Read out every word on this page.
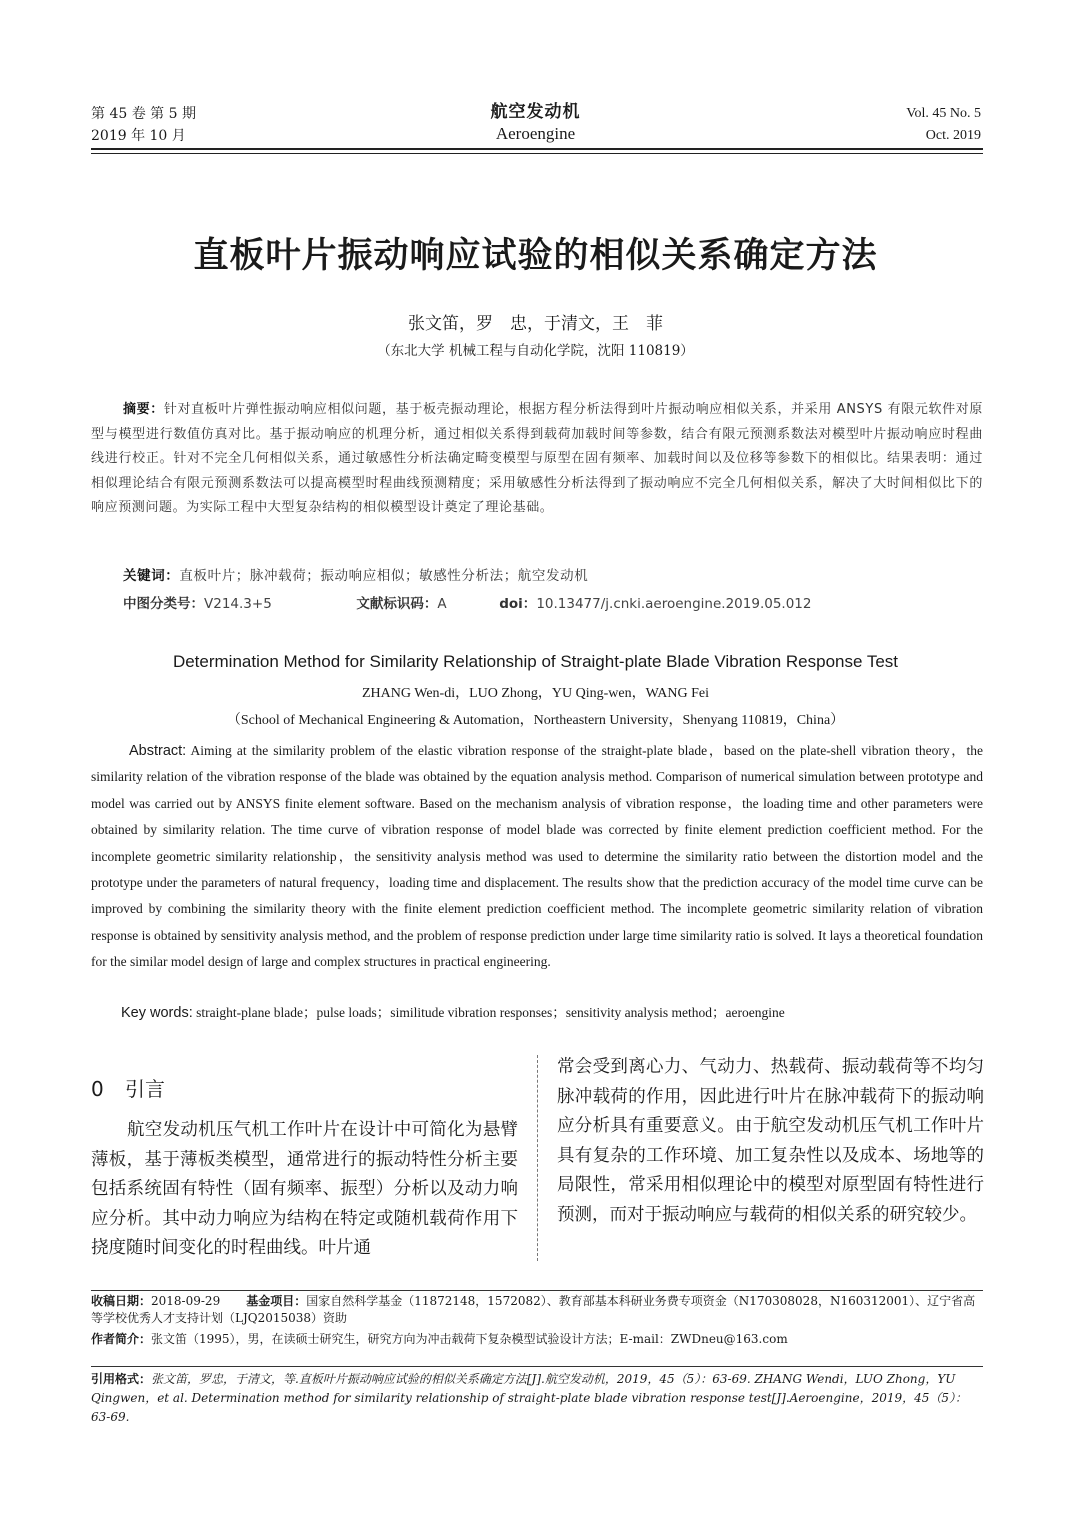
第 45 卷 第 5 期
2019 年 10 月
航空发动机
Aeroengine
Vol. 45 No. 5
Oct. 2019
直板叶片振动响应试验的相似关系确定方法
张文笛，罗　忠，于清文，王　菲
（东北大学 机械工程与自动化学院，沈阳 110819）
摘要：针对直板叶片弹性振动响应相似问题，基于板壳振动理论，根据方程分析法得到叶片振动响应相似关系，并采用 ANSYS 有限元软件对原型与模型进行数值仿真对比。基于振动响应的机理分析，通过相似关系得到载荷加载时间等参数，结合有限元预测系数法对模型叶片振动响应时程曲线进行校正。针对不完全几何相似关系，通过敏感性分析法确定畸变模型与原型在固有频率、加载时间以及位移等参数下的相似比。结果表明：通过相似理论结合有限元预测系数法可以提高模型时程曲线预测精度；采用敏感性分析法得到了振动响应不完全几何相似关系，解决了大时间相似比下的响应预测问题。为实际工程中大型复杂结构的相似模型设计奠定了理论基础。
关键词：直板叶片；脉冲载荷；振动响应相似；敏感性分析法；航空发动机
中图分类号：V214.3+5	文献标识码：A	doi：10.13477/j.cnki.aeroengine.2019.05.012
Determination Method for Similarity Relationship of Straight-plate Blade Vibration Response Test
ZHANG Wen-di，LUO Zhong，YU Qing-wen，WANG Fei
（School of Mechanical Engineering & Automation，Northeastern University，Shenyang 110819，China）
Abstract: Aiming at the similarity problem of the elastic vibration response of the straight-plate blade，based on the plate-shell vibration theory，the similarity relation of the vibration response of the blade was obtained by the equation analysis method. Comparison of numerical simulation between prototype and model was carried out by ANSYS finite element software. Based on the mechanism analysis of vibration response，the loading time and other parameters were obtained by similarity relation. The time curve of vibration response of model blade was corrected by finite element prediction coefficient method. For the incomplete geometric similarity relationship，the sensitivity analysis method was used to determine the similarity ratio between the distortion model and the prototype under the parameters of natural frequency，loading time and displacement. The results show that the prediction accuracy of the model time curve can be improved by combining the similarity theory with the finite element prediction coefficient method. The incomplete geometric similarity relation of vibration response is obtained by sensitivity analysis method, and the problem of response prediction under large time similarity ratio is solved. It lays a theoretical foundation for the similar model design of large and complex structures in practical engineering.
Key words: straight-plane blade；pulse loads；similitude vibration responses；sensitivity analysis method；aeroengine
0 引言
航空发动机压气机工作叶片在设计中可简化为悬臂薄板，基于薄板类模型，通常进行的振动特性分析主要包括系统固有特性（固有频率、振型）分析以及动力响应分析。其中动力响应为结构在特定或随机载荷作用下挠度随时间变化的时程曲线。叶片通
常会受到离心力、气动力、热载荷、振动载荷等不均匀脉冲载荷的作用，因此进行叶片在脉冲载荷下的振动响应分析具有重要意义。由于航空发动机压气机工作叶片具有复杂的工作环境、加工复杂性以及成本、场地等的局限性，常采用相似理论中的模型对原型固有特性进行预测，而对于振动响应与载荷的相似关系的研究较少。
收稿日期：2018-09-29 基金项目：国家自然科学基金（11872148，1572082）、教育部基本科研业务费专项资金（N170308028，N160312001）、辽宁省高等学校优秀人才支持计划（LJQ2015038）资助
作者简介：张文笛（1995），男，在读硕士研究生，研究方向为冲击载荷下复杂模型试验设计方法；E-mail：ZWDneu@163.com
引用格式：张文笛，罗忠，于清文，等.直板叶片振动响应试验的相似关系确定方法[J].航空发动机，2019，45（5）：63-69. ZHANG Wendi，LUO Zhong，YU Qingwen，et al. Determination method for similarity relationship of straight-plate blade vibration response test[J].Aeroengine，2019，45（5）：63-69.
